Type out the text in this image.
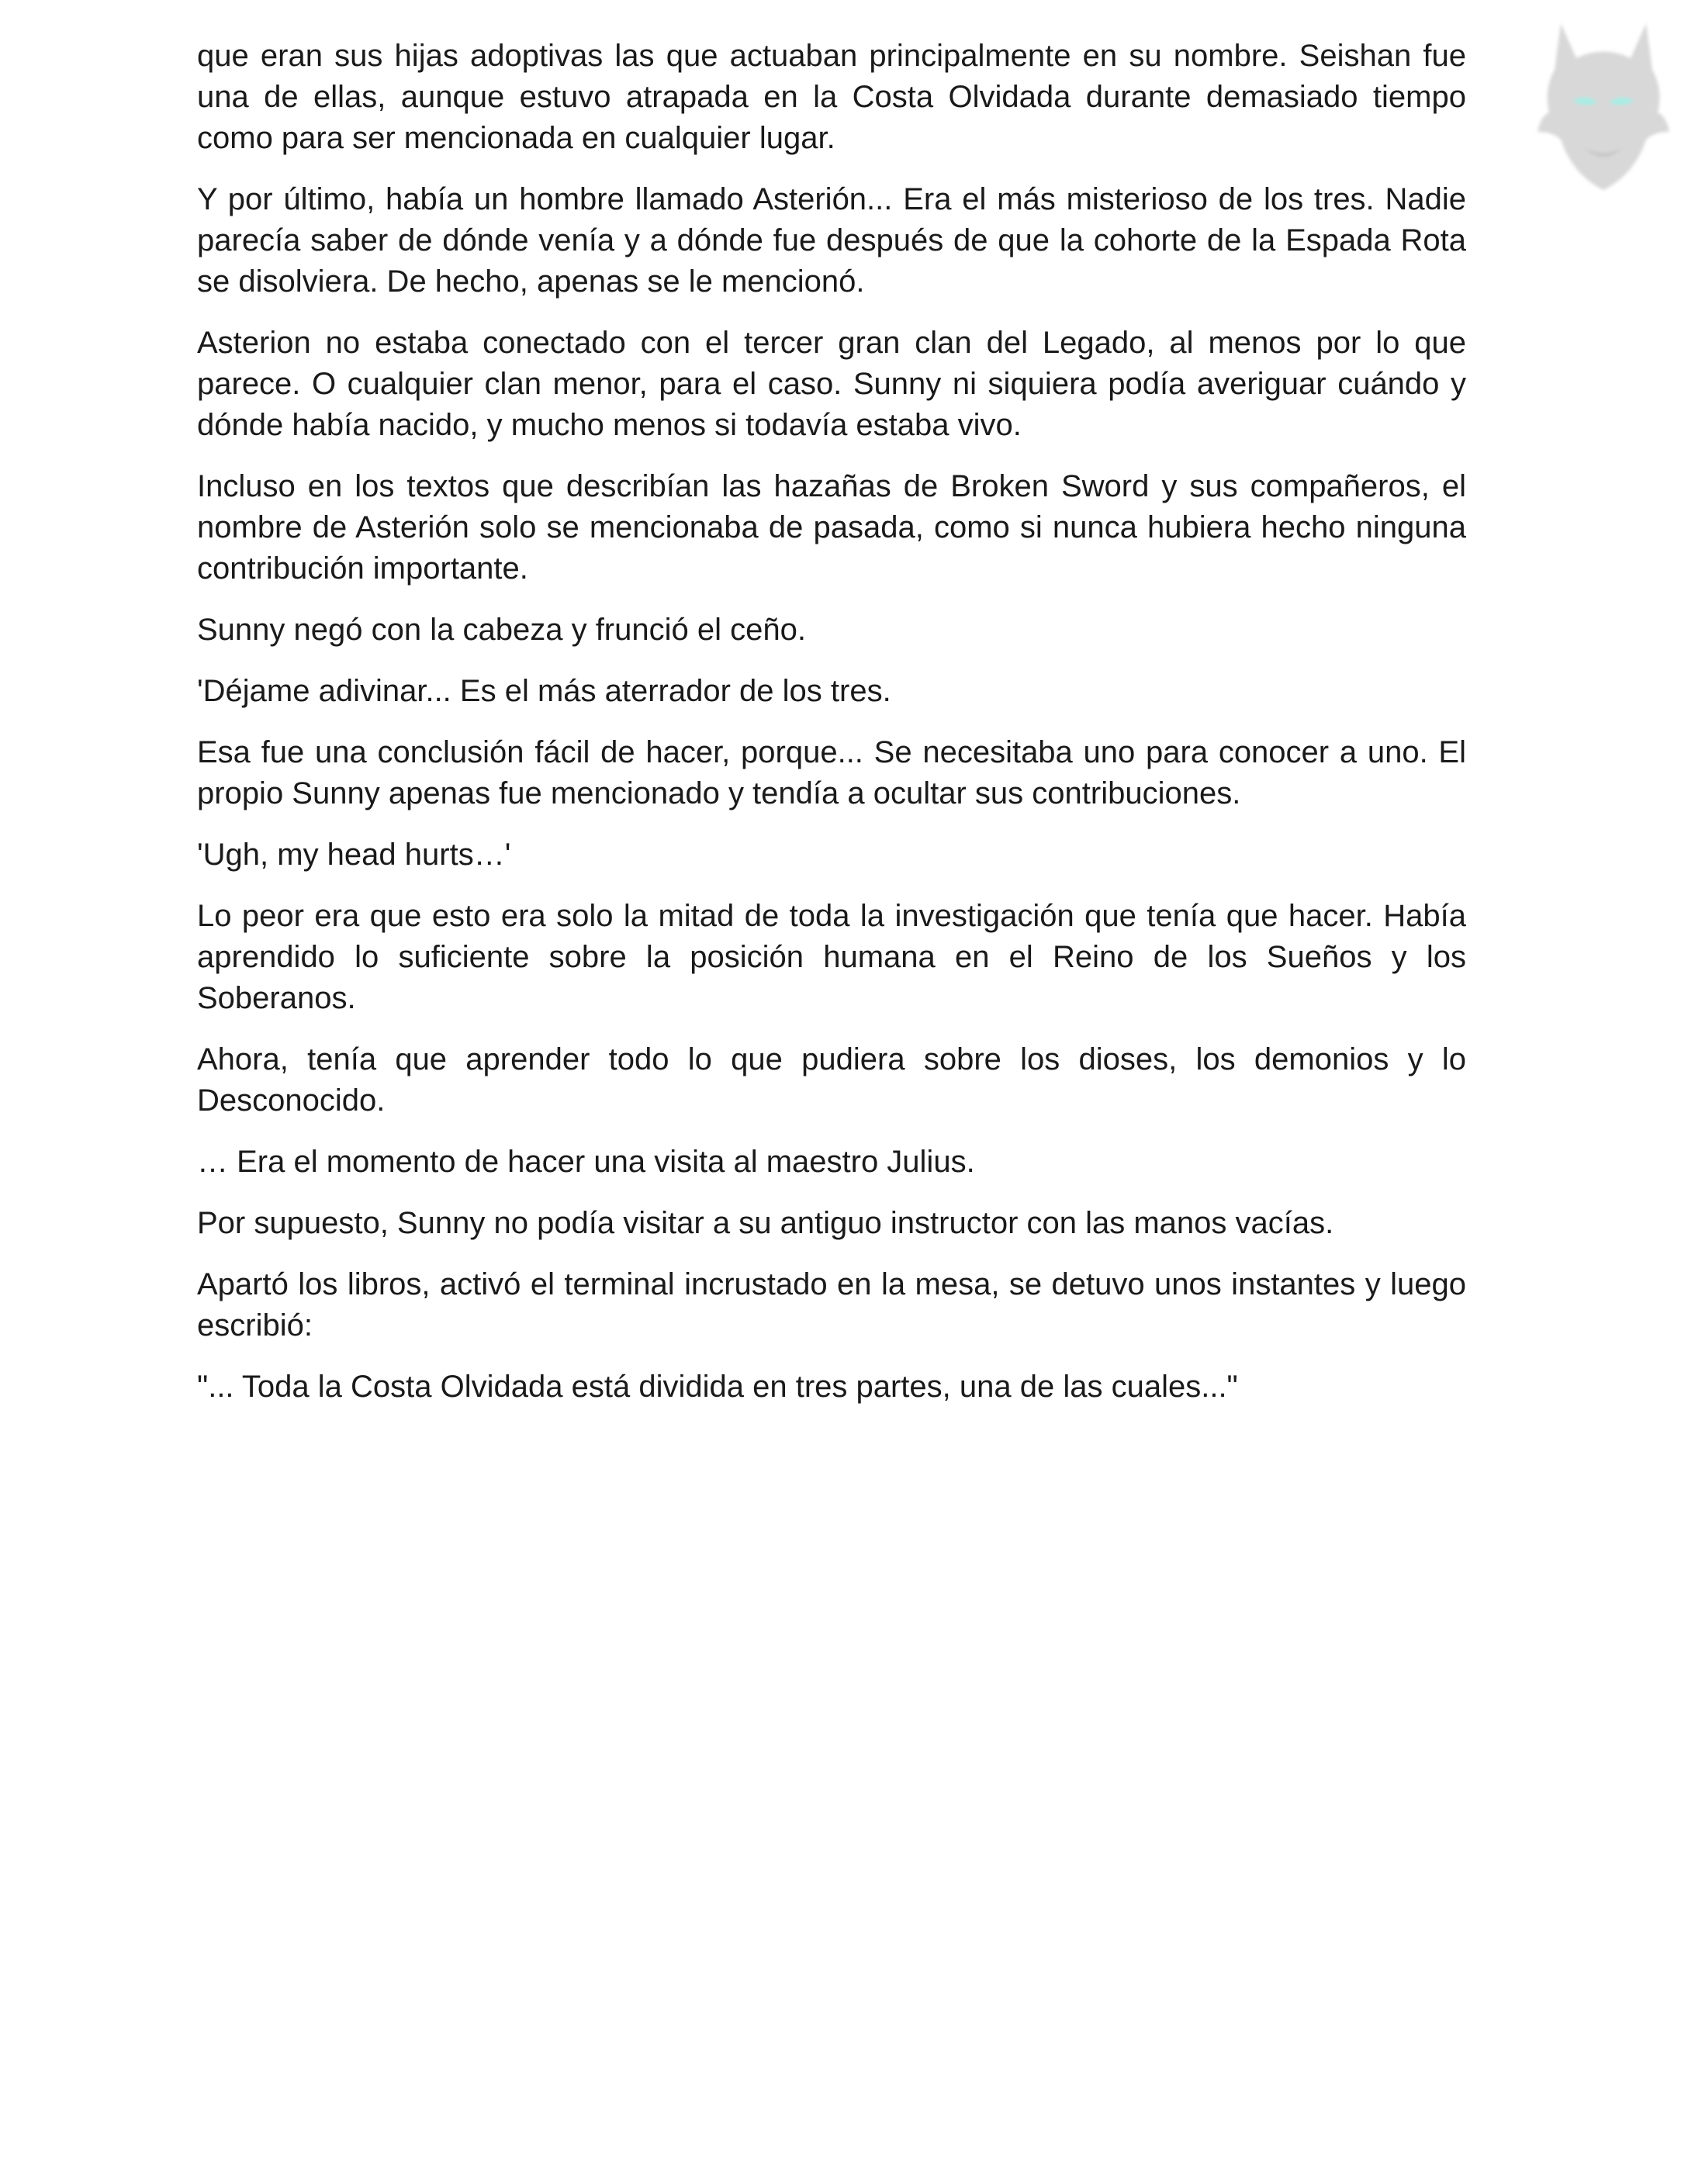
que eran sus hijas adoptivas las que actuaban principalmente en su nombre. Seishan fue una de ellas, aunque estuvo atrapada en la Costa Olvidada durante demasiado tiempo como para ser mencionada en cualquier lugar.

Y por último, había un hombre llamado Asterión... Era el más misterioso de los tres. Nadie parecía saber de dónde venía y a dónde fue después de que la cohorte de la Espada Rota se disolviera. De hecho, apenas se le mencionó.

Asterion no estaba conectado con el tercer gran clan del Legado, al menos por lo que parece. O cualquier clan menor, para el caso. Sunny ni siquiera podía averiguar cuándo y dónde había nacido, y mucho menos si todavía estaba vivo.

Incluso en los textos que describían las hazañas de Broken Sword y sus compañeros, el nombre de Asterión solo se mencionaba de pasada, como si nunca hubiera hecho ninguna contribución importante.

Sunny negó con la cabeza y frunció el ceño.

'Déjame adivinar... Es el más aterrador de los tres.

Esa fue una conclusión fácil de hacer, porque... Se necesitaba uno para conocer a uno. El propio Sunny apenas fue mencionado y tendía a ocultar sus contribuciones.

'Ugh, my head hurts…'

Lo peor era que esto era solo la mitad de toda la investigación que tenía que hacer. Había aprendido lo suficiente sobre la posición humana en el Reino de los Sueños y los Soberanos.

Ahora, tenía que aprender todo lo que pudiera sobre los dioses, los demonios y lo Desconocido.

… Era el momento de hacer una visita al maestro Julius.

Por supuesto, Sunny no podía visitar a su antiguo instructor con las manos vacías.

Apartó los libros, activó el terminal incrustado en la mesa, se detuvo unos instantes y luego escribió:

"... Toda la Costa Olvidada está dividida en tres partes, una de las cuales..."
